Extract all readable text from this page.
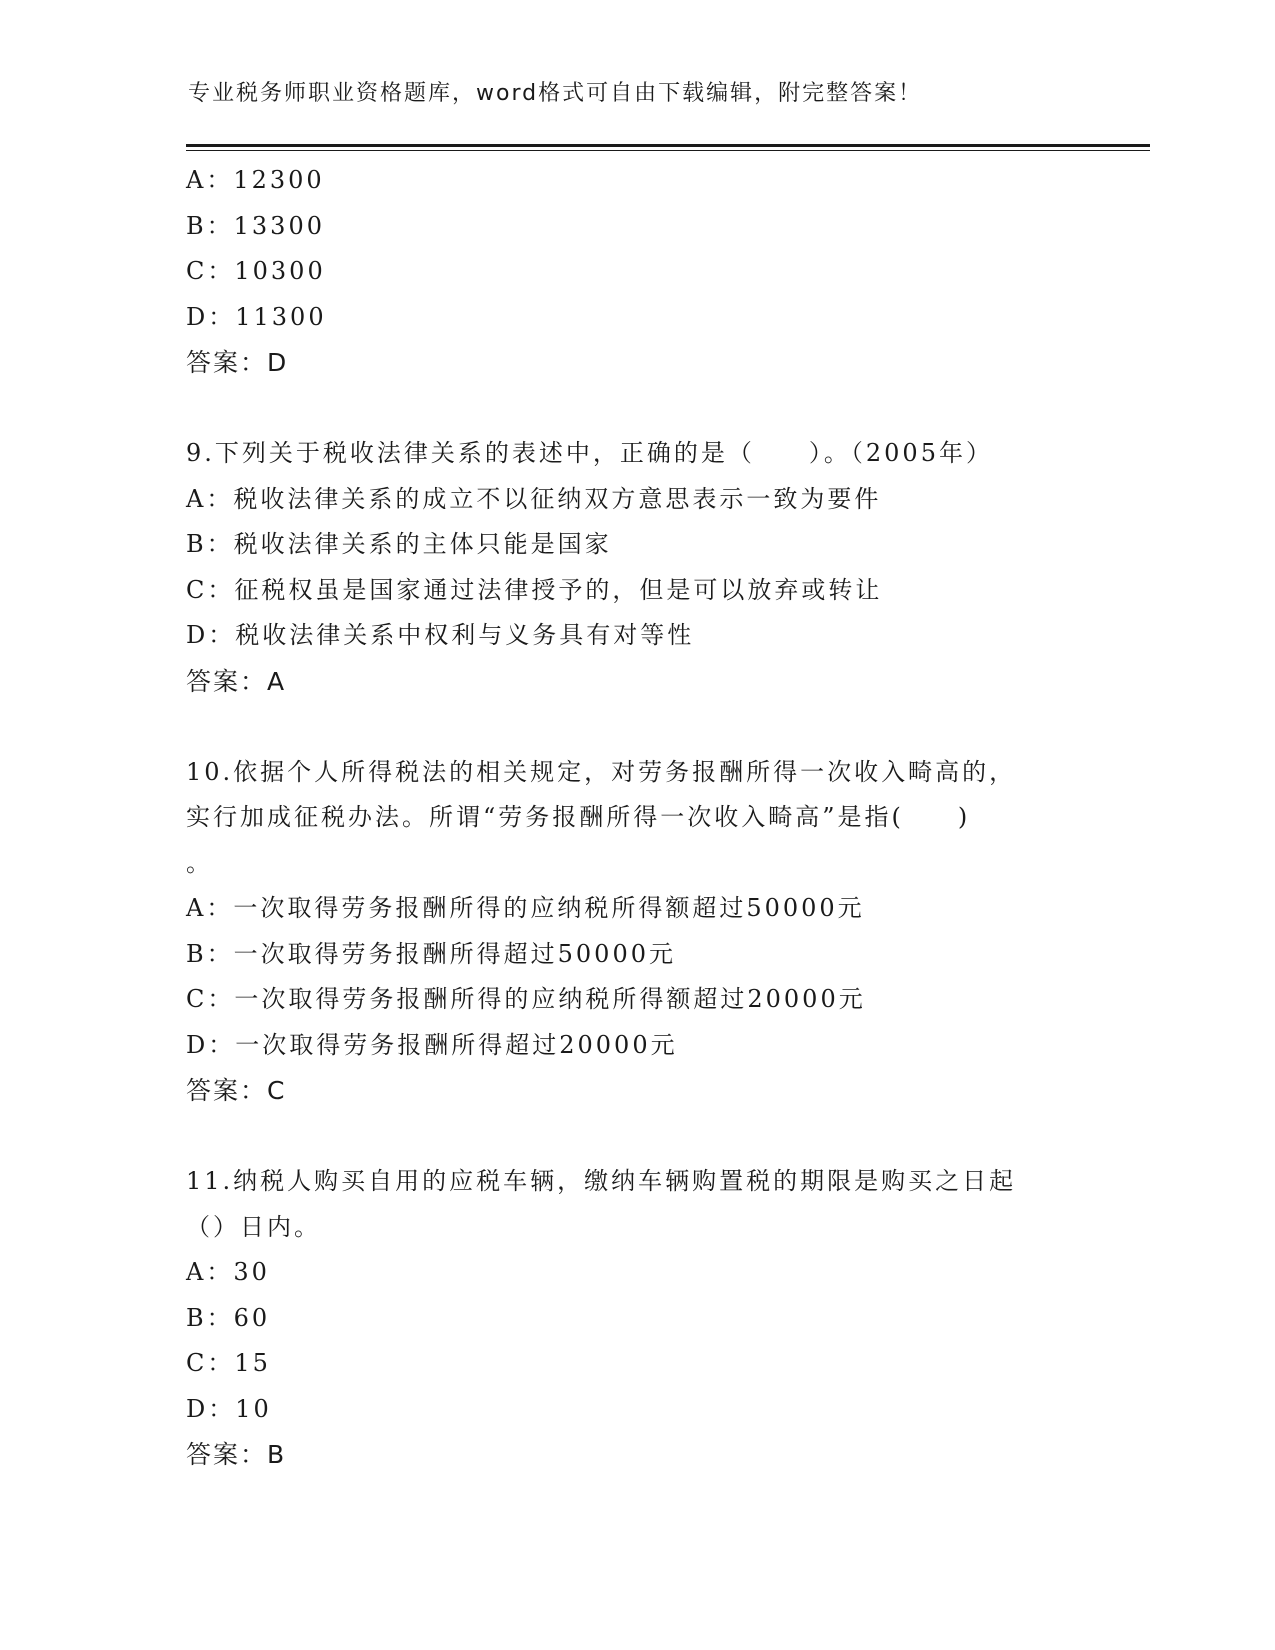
专业税务师职业资格题库，word格式可自由下载编辑，附完整答案！
A：12300
B：13300
C：10300
D：11300
答案：D
9.下列关于税收法律关系的表述中，正确的是（　　）。（2005年）
A：税收法律关系的成立不以征纳双方意思表示一致为要件
B：税收法律关系的主体只能是国家
C：征税权虽是国家通过法律授予的，但是可以放弃或转让
D：税收法律关系中权利与义务具有对等性
答案：A
10.依据个人所得税法的相关规定，对劳务报酬所得一次收入畸高的，
实行加成征税办法。所谓“劳务报酬所得一次收入畸高”是指(　　)
。
A：一次取得劳务报酬所得的应纳税所得额超过50000元
B：一次取得劳务报酬所得超过50000元
C：一次取得劳务报酬所得的应纳税所得额超过20000元
D：一次取得劳务报酬所得超过20000元
答案：C
11.纳税人购买自用的应税车辆，缴纳车辆购置税的期限是购买之日起
（）日内。
A：30
B：60
C：15
D：10
答案：B
